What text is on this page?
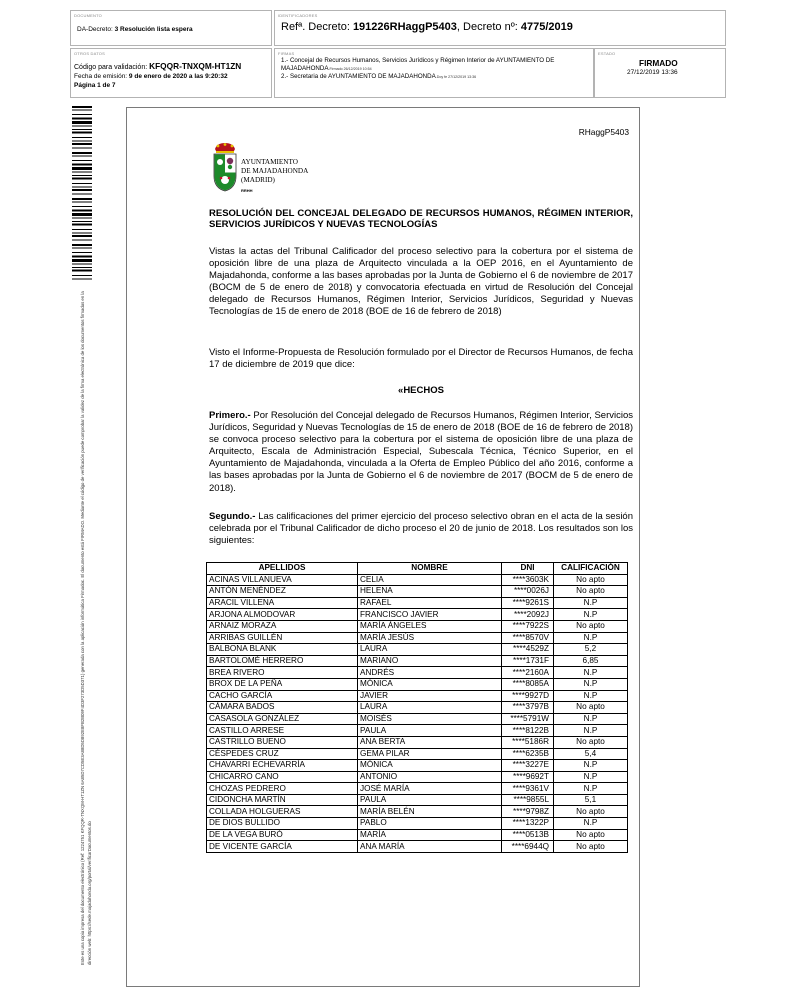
DOCUMENTO
DA-Decreto: 3 Resolución lista espera
IDENTIFICADORES
Refª. Decreto: 191226RHaggP5403, Decreto nº: 4775/2019
OTROS DATOS
Código para validación: KFQQR-TNXQM-HT1ZN
Fecha de emisión: 9 de enero de 2020 a las 9:20:32
Página 1 de 7
FIRMAS
1.- Concejal de Recursos Humanos, Servicios Jurídicos y Régimen Interior de AYUNTAMIENTO DE
MAJADAHONDA.Firmado 26/12/2019 10:54
2.- Secretaria de AYUNTAMIENTO DE MAJADAHONDA.Doy fe 27/12/2019 13:36
ESTADO
FIRMADO
27/12/2019 13:36
Este es una copia impresa del documento electrónico (Ref: 1224751 KFQQR-TNXQM-HT1ZN 6A85D7CD5E3A88D5D892E8FB2B09F4D3F273D5D371) generada con la aplicación informática Firmadoc. El documento está FIRMADO. Mediante el código de verificación puede comprobar la validez de la firma electrónica de los documentos firmados en la dirección web: https://sede.majadahonda.org/portal/verificarDocumentos.do
RHaggP5403
AYUNTAMIENTO
DE MAJADAHONDA
(MADRID)
RRHH
RESOLUCIÓN DEL CONCEJAL DELEGADO DE RECURSOS HUMANOS, RÉGIMEN INTERIOR, SERVICIOS JURÍDICOS Y NUEVAS TECNOLOGÍAS
Vistas la actas del Tribunal Calificador del proceso selectivo para la cobertura por el sistema de oposición libre de una plaza de Arquitecto vinculada a la OEP 2016, en el Ayuntamiento de Majadahonda, conforme a las bases aprobadas por la Junta de Gobierno el 6 de noviembre de 2017 (BOCM de 5 de enero de 2018) y convocatoria efectuada en virtud de Resolución del Concejal delegado de Recursos Humanos, Régimen Interior, Servicios Jurídicos, Seguridad y Nuevas Tecnologías de 15 de enero de 2018 (BOE de 16 de febrero de 2018)
Visto el Informe-Propuesta de Resolución formulado por el Director de Recursos Humanos, de fecha 17 de diciembre de 2019 que dice:
«HECHOS
Primero.- Por Resolución del Concejal delegado de Recursos Humanos, Régimen Interior, Servicios Jurídicos, Seguridad y Nuevas Tecnologías de 15 de enero de 2018 (BOE de 16 de febrero de 2018) se convoca proceso selectivo para la cobertura por el sistema de oposición libre de una plaza de Arquitecto, Escala de Administración Especial, Subescala Técnica, Técnico Superior, en el Ayuntamiento de Majadahonda, vinculada a la Oferta de Empleo Público del año 2016, conforme a las bases aprobadas por la Junta de Gobierno el 6 de noviembre de 2017 (BOCM de 5 de enero de 2018).
Segundo.- Las calificaciones del primer ejercicio del proceso selectivo obran en el acta de la sesión celebrada por el Tribunal Calificador de dicho proceso el 20 de junio de 2018. Los resultados son los siguientes:
APELLIDOS	NOMBRE	DNI	CALIFICACIÓN
ACINAS VILLANUEVA	CELIA	****3603K	No apto
ANTÓN MENÉNDEZ	HELENA	****0026J	No apto
ARACIL VILLENA	RAFAEL	****9261S	N.P
ARJONA ALMODOVAR	FRANCISCO JAVIER	****2092J	N.P
ARNAIZ MORAZA	MARÍA ÁNGELES	****7922S	No apto
ARRIBAS GUILLÉN	MARÍA JESÚS	****8570V	N.P
BALBONA BLANK	LAURA	****4529Z	5,2
BARTOLOMÉ HERRERO	MARIANO	****1731F	6,85
BREA RIVERO	ANDRÉS	****2160A	N.P
BROX DE LA PEÑA	MÓNICA	****8085A	N.P
CACHO GARCÍA	JAVIER	****9927D	N.P
CÁMARA BADOS	LAURA	****3797B	No apto
CASASOLA GONZÁLEZ	MOISÉS	****5791W	N.P
CASTILLO ARRESE	PAULA	****8122B	N.P
CASTRILLO BUENO	ANA BERTA	****5186R	No apto
CÉSPEDES CRUZ	GEMA PILAR	****6235B	5,4
CHAVARRI ECHEVARRÍA	MÓNICA	****3227E	N.P
CHICARRO CANO	ANTONIO	****9692T	N.P
CHOZAS PEDRERO	JOSÉ MARÍA	****9361V	N.P
CIDONCHA MARTÍN	PAULA	****9855L	5,1
COLLADA HOLGUERAS	MARÍA BELÉN	****9798Z	No apto
DE DIOS BULLIDO	PABLO	****1322P	N.P
DE LA VEGA BURÓ	MARÍA	****0513B	No apto
DE VICENTE GARCÍA	ANA MARÍA	****6944Q	No apto
